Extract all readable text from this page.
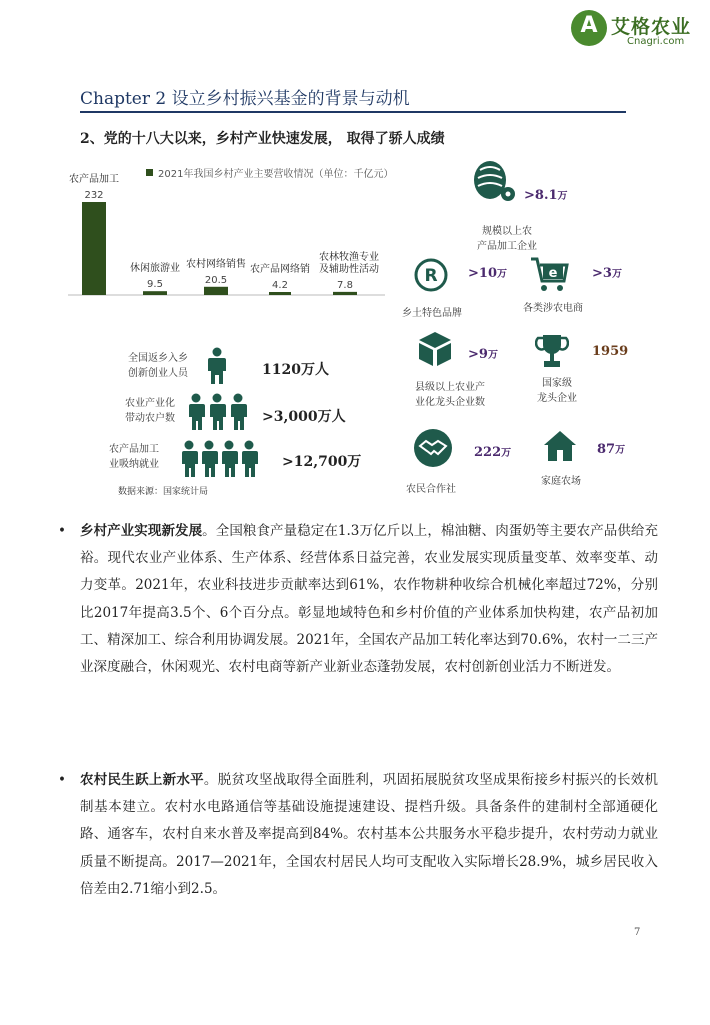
A 艾格农业
Cnagri.com
Chapter 2 设立乡村振兴基金的背景与动机
2、党的十八大以来，乡村产业快速发展， 取得了骄人成绩
2021年我国乡村产业主要营收情况（单位：千亿元）
农产品加工
232
休闲旅游业
9.5
农村网络销售
20.5
农产品网络销
4.2
农林牧渔专业
及辅助性活动
7.8
全国返乡入乡
创新创业人员	1120万人
农业产业化
带动农户数	>3,000万人
农产品加工
业吸纳就业	>12,700万
数据来源：国家统计局
>8.1万
规模以上农
产品加工企业
R >10万
乡土特色品牌
e	>3万
各类涉农电商
>9万
县级以上农业产
业化龙头企业数
1959
国家级
龙头企业
222万
农民合作社
87万
家庭农场
• 乡村产业实现新发展。全国粮食产量稳定在1.3万亿斤以上，棉油糖、肉蛋奶等主要农产品供给充裕。现代农业产业体系、生产体系、经营体系日益完善，农业发展实现质量变革、效率变革、动力变革。2021年，农业科技进步贡献率达到61%，农作物耕种收综合机械化率超过72%，分别比2017年提高3.5个、6个百分点。彰显地域特色和乡村价值的产业体系加快构建，农产品初加工、精深加工、综合利用协调发展。2021年，全国农产品加工转化率达到70.6%，农村一二三产业深度融合，休闲观光、农村电商等新产业新业态蓬勃发展，农村创新创业活力不断迸发。
• 农村民生跃上新水平。脱贫攻坚战取得全面胜利，巩固拓展脱贫攻坚成果衔接乡村振兴的长效机制基本建立。农村水电路通信等基础设施提速建设、提档升级。具备条件的建制村全部通硬化路、通客车，农村自来水普及率提高到84%。农村基本公共服务水平稳步提升，农村劳动力就业质量不断提高。2017—2021年，全国农村居民人均可支配收入实际增长28.9%，城乡居民收入倍差由2.71缩小到2.5。
7
